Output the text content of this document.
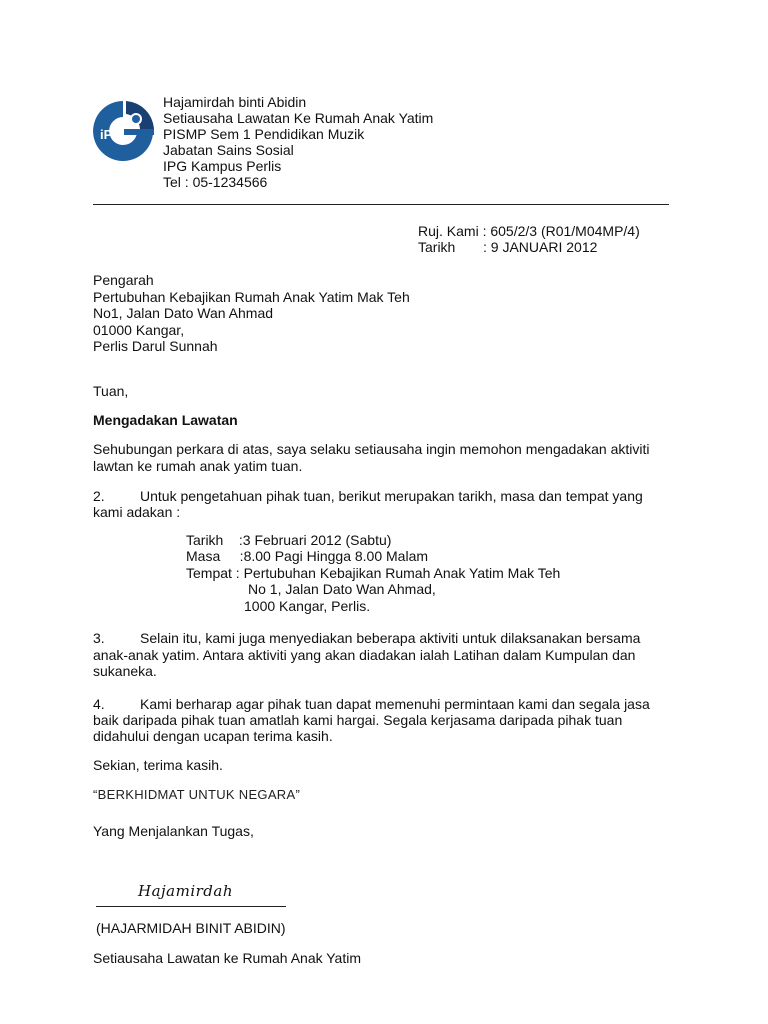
iPG
Hajamirdah binti Abidin
Setiausaha Lawatan Ke Rumah Anak Yatim
PISMP Sem 1 Pendidikan Muzik
Jabatan Sains Sosial
IPG Kampus Perlis
Tel : 05-1234566
Ruj. Kami : 605/2/3 (R01/M04MP/4)
Tarikh : 9 JANUARI 2012
Pengarah
Pertubuhan Kebajikan Rumah Anak Yatim Mak Teh
No1, Jalan Dato Wan Ahmad
01000 Kangar,
Perlis Darul Sunnah
Tuan,
Mengadakan Lawatan
Sehubungan perkara di atas, saya selaku setiausaha ingin memohon mengadakan aktiviti
lawtan ke rumah anak yatim tuan.
2.	Untuk pengetahuan pihak tuan, berikut merupakan tarikh, masa dan tempat yang
kami adakan :
Tarikh    :3 Februari 2012 (Sabtu)
Masa     :8.00 Pagi Hingga 8.00 Malam
Tempat : Pertubuhan Kebajikan Rumah Anak Yatim Mak Teh
No 1, Jalan Dato Wan Ahmad,
1000 Kangar, Perlis.
3.	Selain itu, kami juga menyediakan beberapa aktiviti untuk dilaksanakan bersama
anak-anak yatim. Antara aktiviti yang akan diadakan ialah Latihan dalam Kumpulan dan
sukaneka.
4.	Kami berharap agar pihak tuan dapat memenuhi permintaan kami dan segala jasa
baik daripada pihak tuan amatlah kami hargai. Segala kerjasama daripada pihak tuan
didahului dengan ucapan terima kasih.
Sekian, terima kasih.
“BERKHIDMAT UNTUK NEGARA”
Yang Menjalankan Tugas,
Hajamirdah
(HAJARMIDAH BINIT ABIDIN)
Setiausaha Lawatan ke Rumah Anak Yatim
